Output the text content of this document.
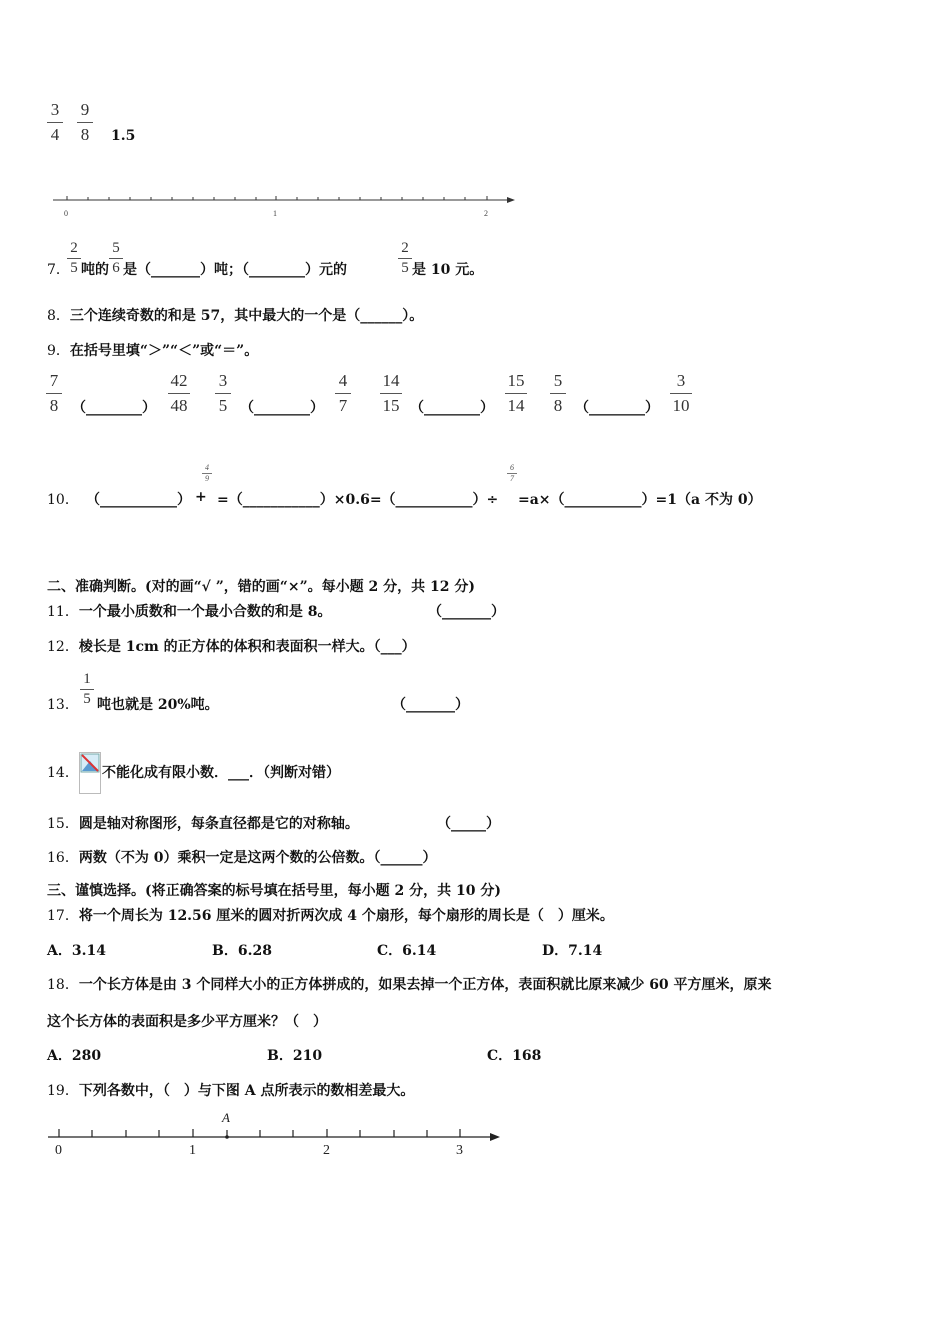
3
4
9
8 1.5
0	1	2
7．
2
5 吨的
5
6 是（_______）吨；（________）元的
2
5 是 10 元。
8．三个连续奇数的和是 57，其中最大的一个是（______）。
9．在括号里填“＞”“＜”或“＝”。
7
8 （________）
42
48
3
5 （________）
4
7
14
15 （________）
15
14
5
8 （________）
3
10
10． （___________） +
4
9
=（___________）×0.6=（___________）÷
6
7
=a×（___________）=1（a 不为 0）
二、准确判断。(对的画“√ ”，错的画“×”。每小题 2 分，共 12 分)
11．一个最小质数和一个最小合数的和是 8。	（_______）
12．棱长是 1cm 的正方体的体积和表面积一样大。（___）
13．
1
5 吨也就是 20%吨。	（_______）
14． 不能化成有限小数．___．（判断对错）
15．圆是轴对称图形，每条直径都是它的对称轴。	（_____）
16．两数（不为 0）乘积一定是这两个数的公倍数。（______）
三、谨慎选择。(将正确答案的标号填在括号里，每小题 2 分，共 10 分)
17．将一个周长为 12.56 厘米的圆对折两次成 4 个扇形，每个扇形的周长是（　）厘米。
A．3.14	B．6.28	C．6.14	D．7.14
18．一个长方体是由 3 个同样大小的正方体拼成的，如果去掉一个正方体，表面积就比原来减少 60 平方厘米，原来
这个长方体的表面积是多少平方厘米？（　）
A．280	B．210	C．168
19．下列各数中，（　）与下图 A 点所表示的数相差最大。
A
0	1	2	3
